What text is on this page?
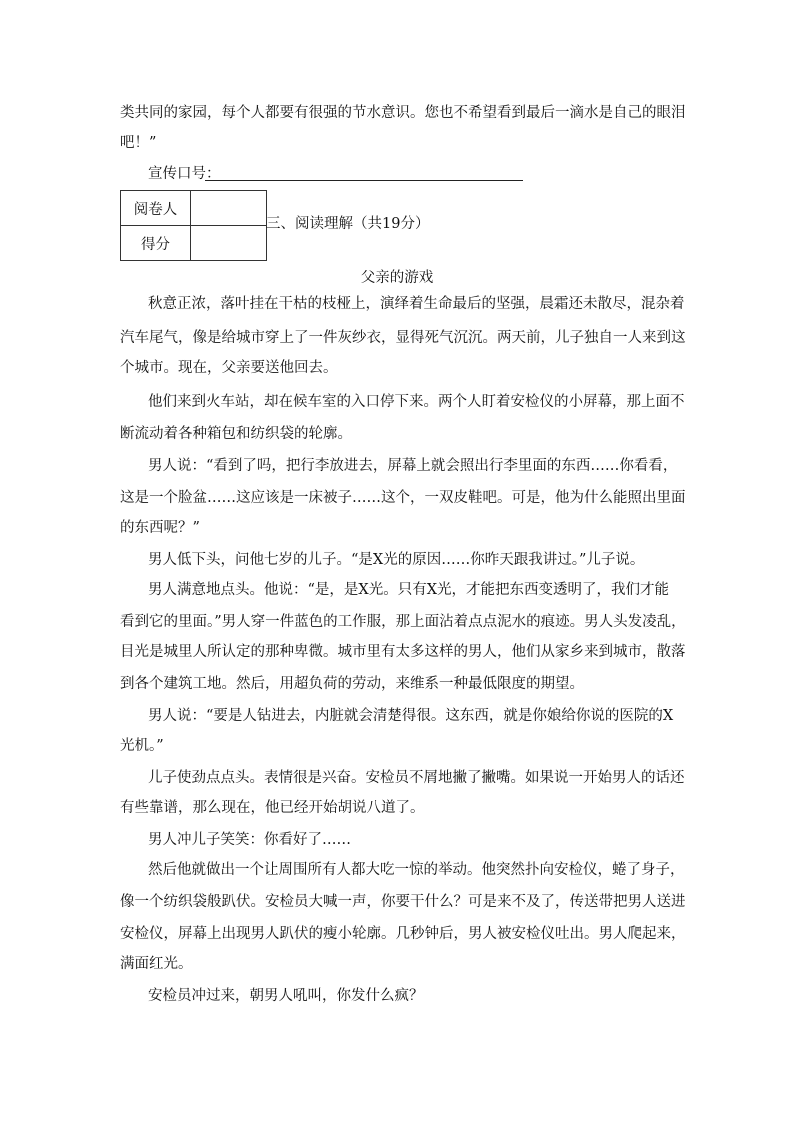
类共同的家园，每个人都要有很强的节水意识。您也不希望看到最后一滴水是自己的眼泪

吧！”

宣传口号：

阅卷人	
得分	
三、阅读理解（共19分）
父亲的游戏

秋意正浓，落叶挂在干枯的枝桠上，演绎着生命最后的坚强，晨霜还未散尽，混杂着

汽车尾气，像是给城市穿上了一件灰纱衣，显得死气沉沉。两天前，儿子独自一人来到这

个城市。现在，父亲要送他回去。

他们来到火车站，却在候车室的入口停下来。两个人盯着安检仪的小屏幕，那上面不

断流动着各种箱包和纺织袋的轮廓。

男人说：“看到了吗，把行李放进去，屏幕上就会照出行李里面的东西……你看看，

这是一个脸盆……这应该是一床被子……这个，一双皮鞋吧。可是，他为什么能照出里面

的东西呢？”

男人低下头，问他七岁的儿子。“是X光的原因……你昨天跟我讲过。”儿子说。

男人满意地点头。他说：“是，是X光。只有X光，才能把东西变透明了，我们才能

看到它的里面。”男人穿一件蓝色的工作服，那上面沾着点点泥水的痕迹。男人头发凌乱，

目光是城里人所认定的那种卑微。城市里有太多这样的男人，他们从家乡来到城市，散落

到各个建筑工地。然后，用超负荷的劳动，来维系一种最低限度的期望。

男人说：“要是人钻进去，内脏就会清楚得很。这东西，就是你娘给你说的医院的X

光机。”

儿子使劲点点头。表情很是兴奋。安检员不屑地撇了撇嘴。如果说一开始男人的话还

有些靠谱，那么现在，他已经开始胡说八道了。

男人冲儿子笑笑：你看好了……

然后他就做出一个让周围所有人都大吃一惊的举动。他突然扑向安检仪，蜷了身子，

像一个纺织袋般趴伏。安检员大喊一声，你要干什么？可是来不及了，传送带把男人送进

安检仪，屏幕上出现男人趴伏的瘦小轮廓。几秒钟后，男人被安检仪吐出。男人爬起来，

满面红光。

安检员冲过来，朝男人吼叫，你发什么疯？
